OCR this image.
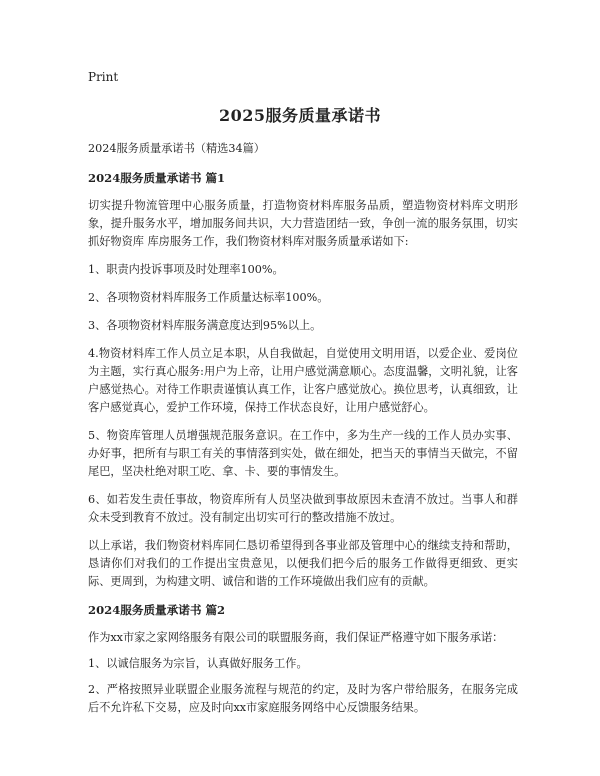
Print
2025服务质量承诺书

2024服务质量承诺书（精选34篇）

2024服务质量承诺书 篇1

切实提升物流管理中心服务质量，打造物资材料库服务品质，塑造物资材料库文明形象，提升服务水平，增加服务间共识，大力营造团结一致，争创一流的服务氛围，切实抓好物资库 库房服务工作，我们物资材料库对服务质量承诺如下:

1、职责内投诉事项及时处理率100%。

2、各项物资材料库服务工作质量达标率100%。

3、各项物资材料库服务满意度达到95%以上。

4.物资材料库工作人员立足本职，从自我做起，自觉使用文明用语，以爱企业、爱岗位为主题，实行真心服务:用户为上帝，让用户感觉满意顺心。态度温馨，文明礼貌，让客户感觉热心。对待工作职责谨慎认真工作，让客户感觉放心。换位思考，认真细致，让客户感觉真心，爱护工作环境，保持工作状态良好，让用户感觉舒心。

5、物资库管理人员增强规范服务意识。在工作中，多为生产一线的工作人员办实事、办好事，把所有与职工有关的事情落到实处，做在细处，把当天的事情当天做完，不留尾巴，坚决杜绝对职工吃、拿、卡、要的事情发生。

6、如若发生责任事故，物资库所有人员坚决做到事故原因未查清不放过。当事人和群众未受到教育不放过。没有制定出切实可行的整改措施不放过。

以上承诺，我们物资材料库同仁恳切希望得到各事业部及管理中心的继续支持和帮助，恳请你们对我们的工作提出宝贵意见，以便我们把今后的服务工作做得更细致、更实际、更周到，为构建文明、诚信和谐的工作环境做出我们应有的贡献。

2024服务质量承诺书 篇2

作为xx市家之家网络服务有限公司的联盟服务商，我们保证严格遵守如下服务承诺：

1、以诚信服务为宗旨，认真做好服务工作。

2、严格按照异业联盟企业服务流程与规范的约定，及时为客户带给服务，在服务完成后不允许私下交易，应及时向xx市家庭服务网络中心反馈服务结果。
